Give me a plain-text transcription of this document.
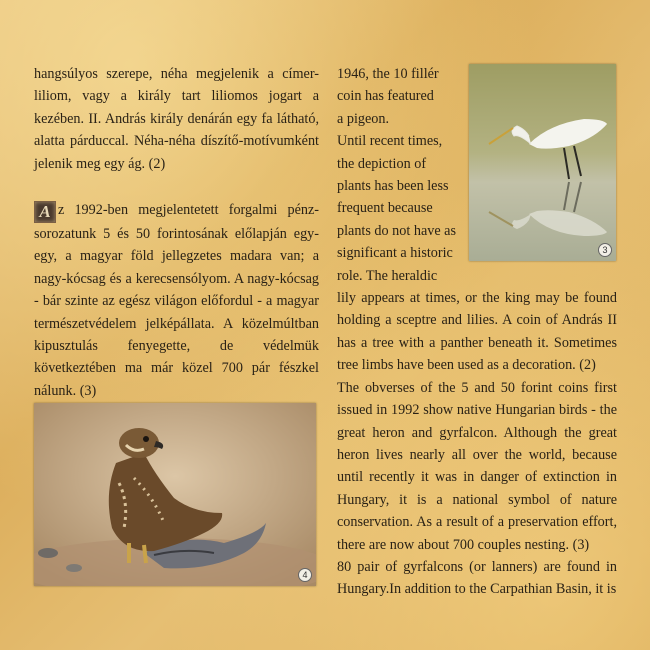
hangsúlyos szerepe, néha megjelenik a címer-liliom, vagy a király tart liliomos jogart a kezében. II. András király denárán egy fa látható, alatta párduccal. Néha-néha díszítő-motívumként jelenik meg egy ág. (2)

A z 1992-ben megjelentetett forgalmi pénz-sorozatunk 5 és 50 forintosának előlapján egy-egy, a magyar föld jellegzetes madara van; a nagy-kócsag és a kerecsensólyom. A nagy-kócsag - bár szinte az egész világon előfordul - a magyar természetvédelem jelképállata. A közelmúltban kipusztulás fenyegette, de védelmük következtében ma már közel 700 pár fészkel nálunk. (3)

4
3
1946, the 10 fillér
coin has featured
a pigeon.
Until recent times,
the depiction of
plants has been less
frequent because
plants do not have as
significant a historic
role. The heraldic

lily appears at times, or the king may be found holding a sceptre and lilies. A coin of András II has a tree with a panther beneath it. Sometimes tree limbs have been used as a decoration. (2)

The obverses of the 5 and 50 forint coins first issued in 1992 show native Hungarian birds - the great heron and gyrfalcon. Although the great heron lives nearly all over the world, because until recently it was in danger of extinction in Hungary, it is a national symbol of nature conservation. As a result of a preservation effort, there are now about 700 couples nesting. (3)

80 pair of gyrfalcons (or lanners) are found in Hungary.In addition to the Carpathian Basin, it is
